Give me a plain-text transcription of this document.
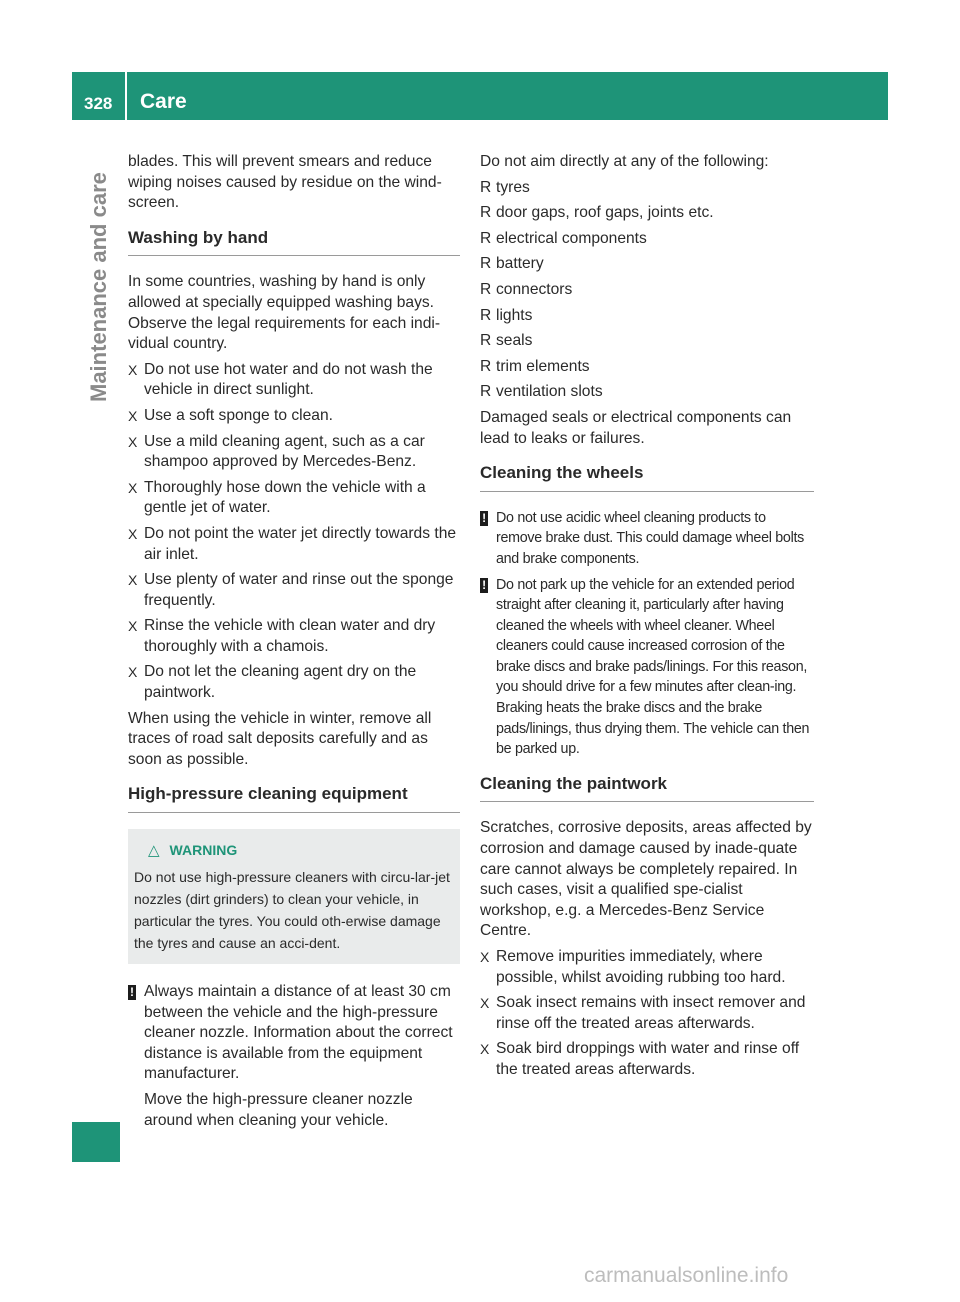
328 Care
Maintenance and care

blades. This will prevent smears and reduce wiping noises caused by residue on the wind-screen.

Washing by hand

In some countries, washing by hand is only allowed at specially equipped washing bays. Observe the legal requirements for each indi-vidual country.

X Do not use hot water and do not wash the vehicle in direct sunlight.
X Use a soft sponge to clean.
X Use a mild cleaning agent, such as a car shampoo approved by Mercedes-Benz.
X Thoroughly hose down the vehicle with a gentle jet of water.
X Do not point the water jet directly towards the air inlet.
X Use plenty of water and rinse out the sponge frequently.
X Rinse the vehicle with clean water and dry thoroughly with a chamois.
X Do not let the cleaning agent dry on the paintwork.

When using the vehicle in winter, remove all traces of road salt deposits carefully and as soon as possible.

High-pressure cleaning equipment
△ WARNING
Do not use high-pressure cleaners with circu-lar-jet nozzles (dirt grinders) to clean your vehicle, in particular the tyres. You could oth-erwise damage the tyres and cause an acci-dent.
! Always maintain a distance of at least 30 cm between the vehicle and the high-pressure cleaner nozzle. Information about the correct distance is available from the equipment manufacturer.

Move the high-pressure cleaner nozzle around when cleaning your vehicle.

Do not aim directly at any of the following:

R tyres
R door gaps, roof gaps, joints etc.
R electrical components
R battery
R connectors
R lights
R seals
R trim elements
R ventilation slots

Damaged seals or electrical components can lead to leaks or failures.

Cleaning the wheels
! Do not use acidic wheel cleaning products to remove brake dust. This could damage wheel bolts and brake components.
! Do not park up the vehicle for an extended period straight after cleaning it, particularly after having cleaned the wheels with wheel cleaner. Wheel cleaners could cause increased corrosion of the brake discs and brake pads/linings. For this reason, you should drive for a few minutes after clean-ing. Braking heats the brake discs and the brake pads/linings, thus drying them. The vehicle can then be parked up.
Cleaning the paintwork

Scratches, corrosive deposits, areas affected by corrosion and damage caused by inade-quate care cannot always be completely repaired. In such cases, visit a qualified spe-cialist workshop, e.g. a Mercedes-Benz Service Centre.

X Remove impurities immediately, where possible, whilst avoiding rubbing too hard.
X Soak insect remains with insect remover and rinse off the treated areas afterwards.
X Soak bird droppings with water and rinse off the treated areas afterwards.
carmanualsonline.info
